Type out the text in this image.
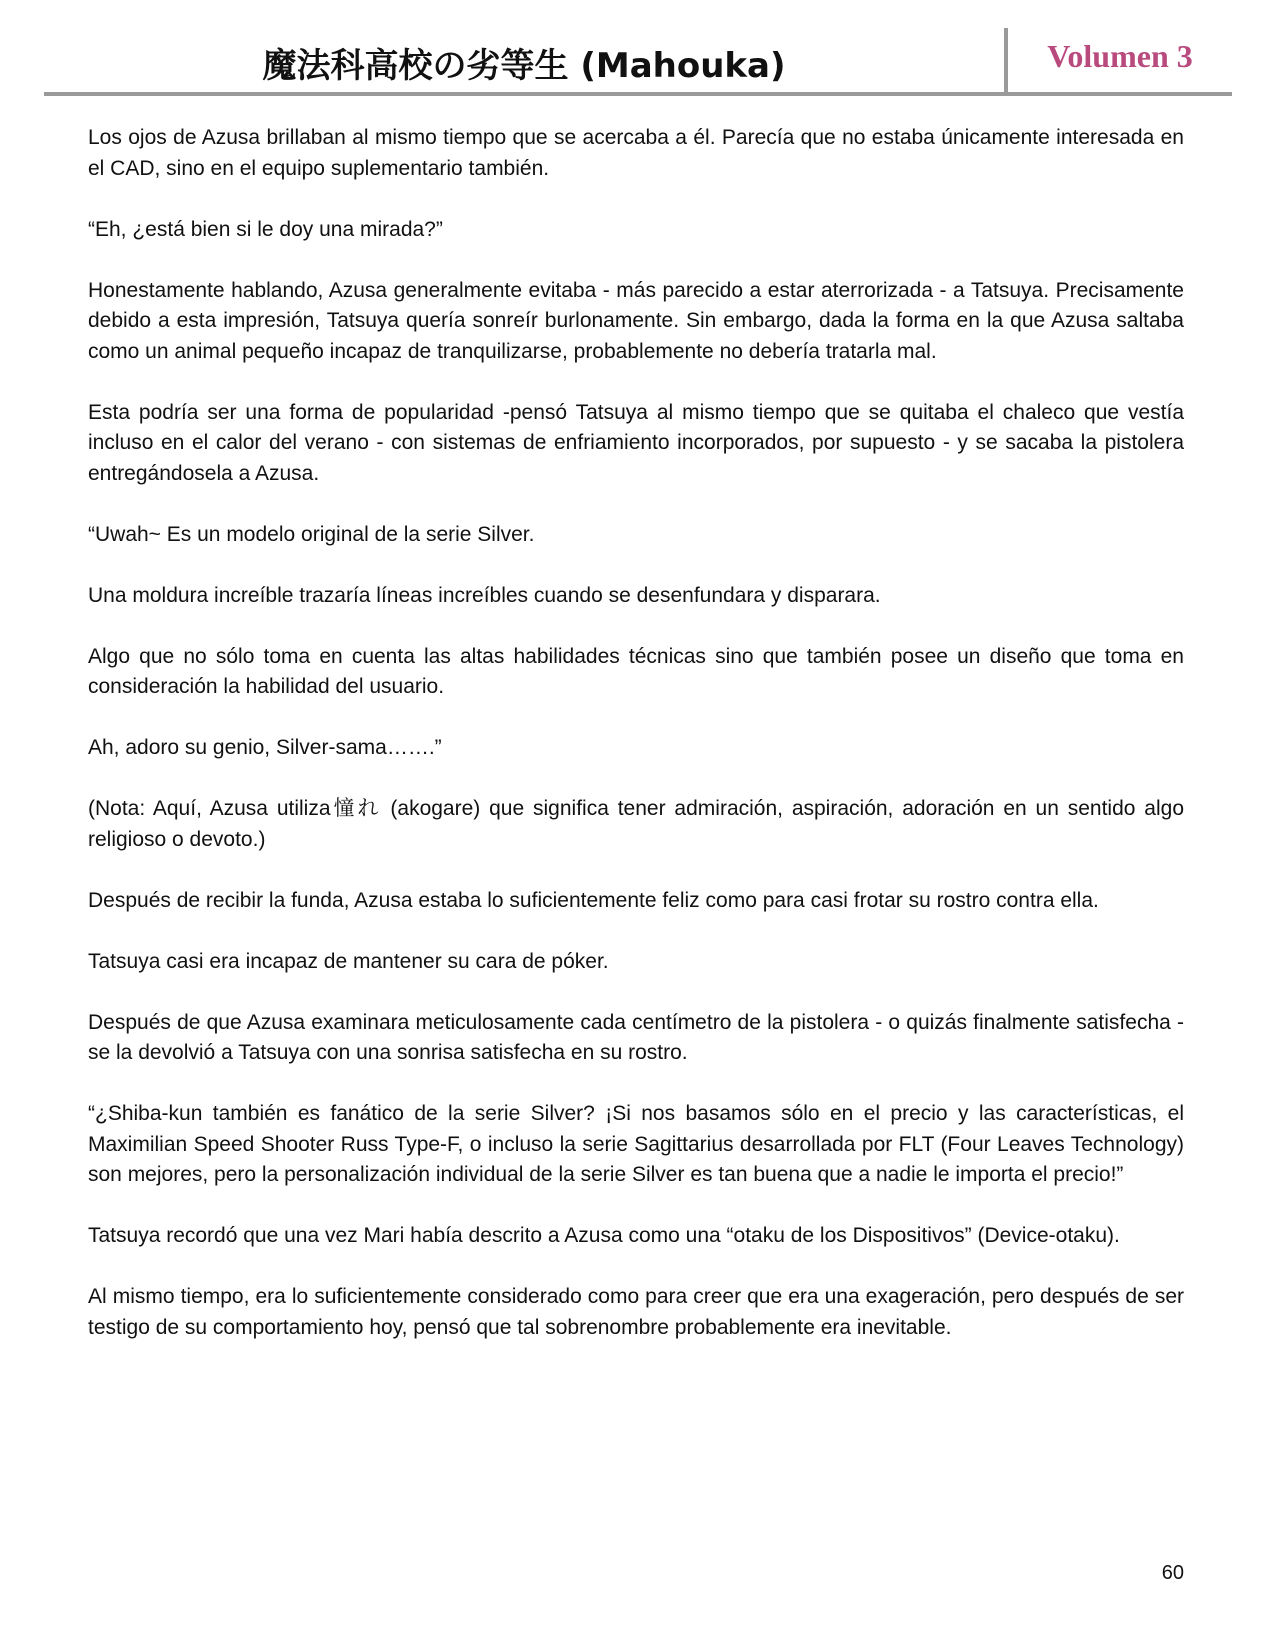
魔法科高校の劣等生 (Mahouka)	Volumen 3

Los ojos de Azusa brillaban al mismo tiempo que se acercaba a él. Parecía que no estaba únicamente interesada en el CAD, sino en el equipo suplementario también.

“Eh, ¿está bien si le doy una mirada?”

Honestamente hablando, Azusa generalmente evitaba - más parecido a estar aterrorizada - a Tatsuya. Precisamente debido a esta impresión, Tatsuya quería sonreír burlonamente. Sin embargo, dada la forma en la que Azusa saltaba como un animal pequeño incapaz de tranquilizarse, probablemente no debería tratarla mal.

Esta podría ser una forma de popularidad -pensó Tatsuya al mismo tiempo que se quitaba el chaleco que vestía incluso en el calor del verano - con sistemas de enfriamiento incorporados, por supuesto - y se sacaba la pistolera entregándosela a Azusa.

“Uwah~ Es un modelo original de la serie Silver.

Una moldura increíble trazaría líneas increíbles cuando se desenfundara y disparara.

Algo que no sólo toma en cuenta las altas habilidades técnicas sino que también posee un diseño que toma en consideración la habilidad del usuario.

Ah, adoro su genio, Silver-sama…….”

(Nota: Aquí, Azusa utiliza憧れ (akogare) que significa tener admiración, aspiración, adoración en un sentido algo religioso o devoto.)

Después de recibir la funda, Azusa estaba lo suficientemente feliz como para casi frotar su rostro contra ella.

Tatsuya casi era incapaz de mantener su cara de póker.

Después de que Azusa examinara meticulosamente cada centímetro de la pistolera - o quizás finalmente satisfecha - se la devolvió a Tatsuya con una sonrisa satisfecha en su rostro.

“¿Shiba-kun también es fanático de la serie Silver? ¡Si nos basamos sólo en el precio y las características, el Maximilian Speed Shooter Russ Type-F, o incluso la serie Sagittarius desarrollada por FLT (Four Leaves Technology) son mejores, pero la personalización individual de la serie Silver es tan buena que a nadie le importa el precio!”

Tatsuya recordó que una vez Mari había descrito a Azusa como una “otaku de los Dispositivos” (Device-otaku).

Al mismo tiempo, era lo suficientemente considerado como para creer que era una exageración, pero después de ser testigo de su comportamiento hoy, pensó que tal sobrenombre probablemente era inevitable.

60
